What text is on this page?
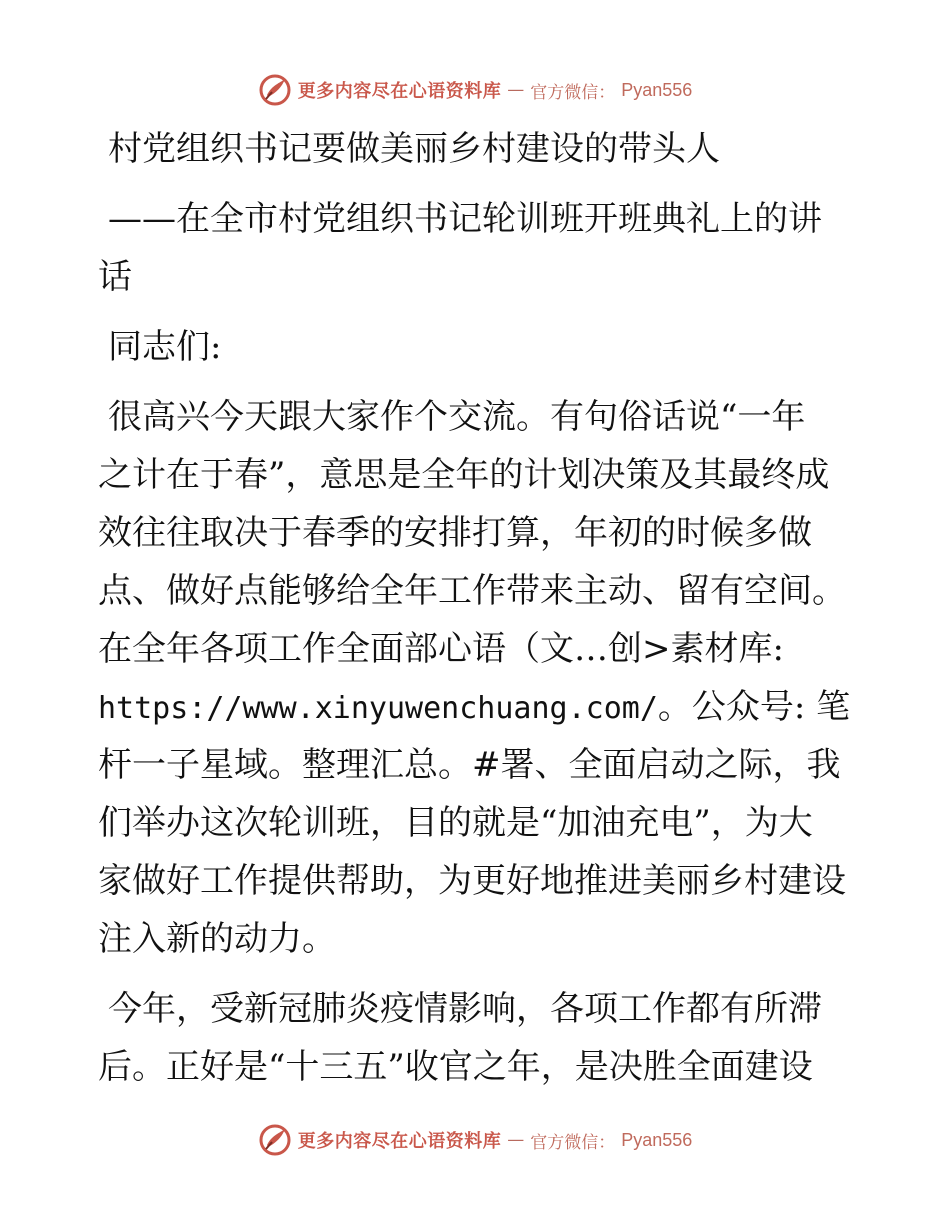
更多内容尽在心语资料库 — 官方微信： Pyan556
村党组织书记要做美丽乡村建设的带头人
——在全市村党组织书记轮训班开班典礼上的讲
话
同志们:
很高兴今天跟大家作个交流。有句俗话说“一年
之计在于春”，意思是全年的计划决策及其最终成
效往往取决于春季的安排打算，年初的时候多做
点、做好点能够给全年工作带来主动、留有空间。
在全年各项工作全面部心语（文…创>素材库:
https://www.xinyuwenchuang.com/。公众号: 笔
杆一子星域。整理汇总。#署、全面启动之际，我
们举办这次轮训班，目的就是“加油充电”，为大
家做好工作提供帮助，为更好地推进美丽乡村建设
注入新的动力。
今年，受新冠肺炎疫情影响，各项工作都有所滞
后。正好是“十三五”收官之年，是决胜全面建设
更多内容尽在心语资料库 — 官方微信： Pyan556
